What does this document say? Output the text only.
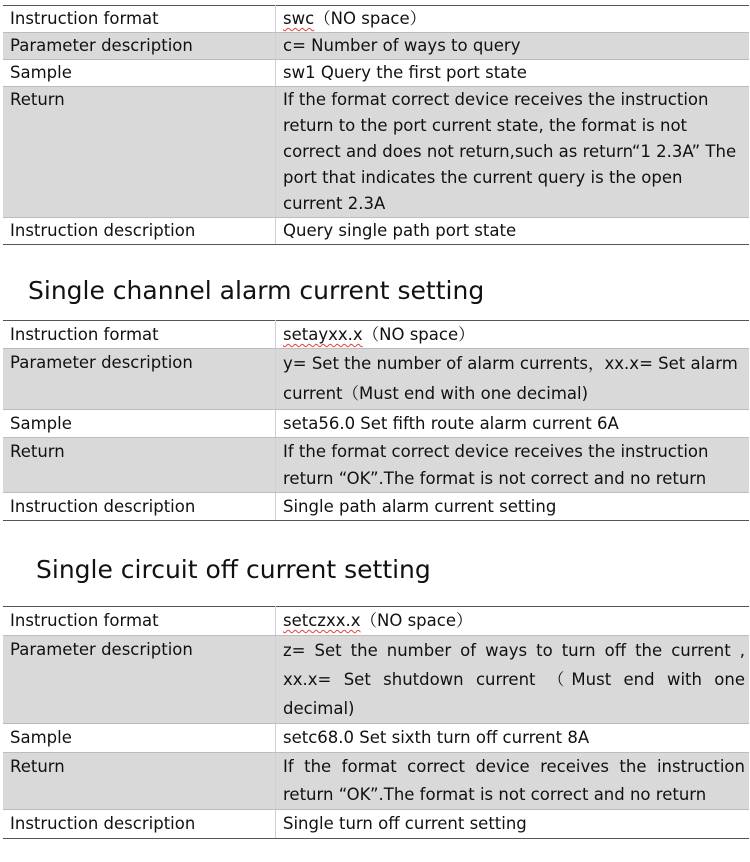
Instruction format	swc（NO space）
Parameter description	c= Number of ways to query
Sample	sw1 Query the first port state
Return	If the format correct device receives the instruction return to the port current state, the format is not correct and does not return,such as return“1 2.3A” The port that indicates the current query is the open current 2.3A
Instruction description	Query single path port state
Single channel alarm current setting
Instruction format	setayxx.x（NO space）
Parameter description	y= Set the number of alarm currents，xx.x= Set alarm current（Must end with one decimal)
Sample	seta56.0 Set fifth route alarm current 6A
Return	If the format correct device receives the instruction return “OK”.The format is not correct and no return
Instruction description	Single path alarm current setting
Single circuit off current setting
Instruction format	setczxx.x（NO space）
Parameter description	z= Set the number of ways to turn off the current , xx.x= Set shutdown current （Must end with one decimal)
Sample	setc68.0 Set sixth turn off current 8A
Return	If the format correct device receives the instruction return “OK”.The format is not correct and no return
Instruction description	Single turn off current setting
